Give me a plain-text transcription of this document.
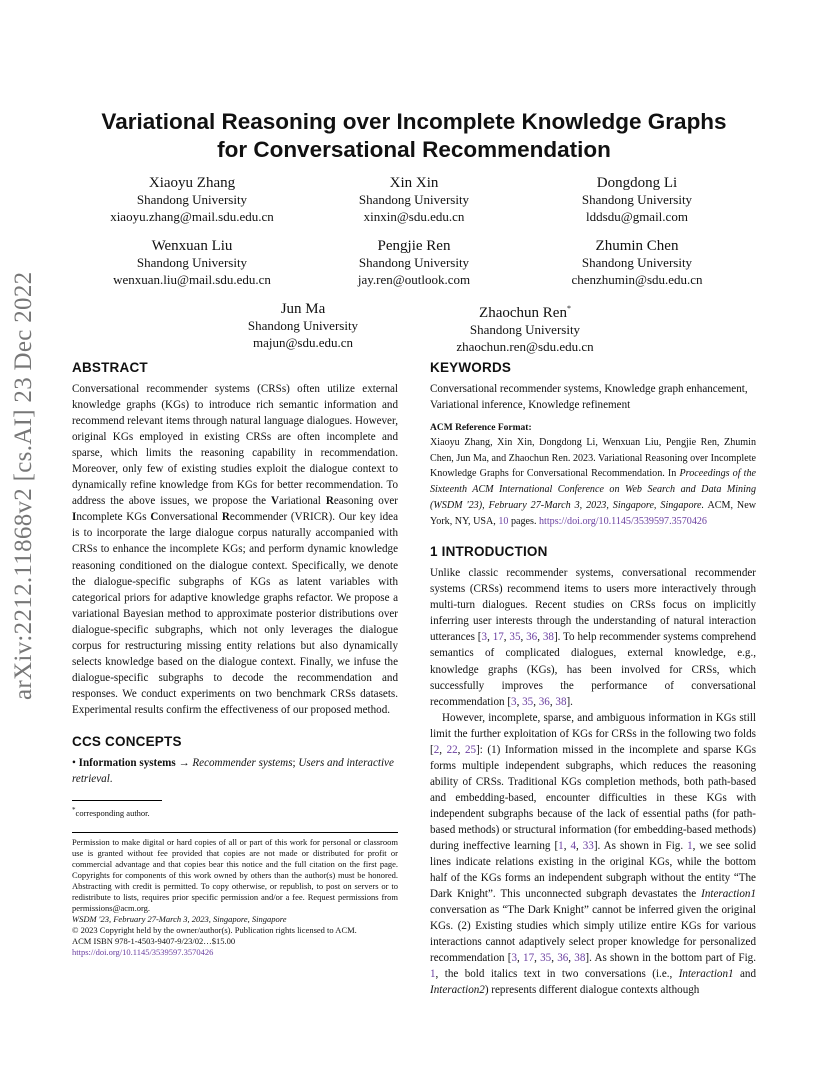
arXiv:2212.11868v2 [cs.AI] 23 Dec 2022
Variational Reasoning over Incomplete Knowledge Graphs
for Conversational Recommendation
Xiaoyu Zhang
Shandong University
xiaoyu.zhang@mail.sdu.edu.cn
Xin Xin
Shandong University
xinxin@sdu.edu.cn
Dongdong Li
Shandong University
lddsdu@gmail.com
Wenxuan Liu
Shandong University
wenxuan.liu@mail.sdu.edu.cn
Pengjie Ren
Shandong University
jay.ren@outlook.com
Zhumin Chen
Shandong University
chenzhumin@sdu.edu.cn
Jun Ma
Shandong University
majun@sdu.edu.cn
Zhaochun Ren*
Shandong University
zhaochun.ren@sdu.edu.cn
ABSTRACT

Conversational recommender systems (CRSs) often utilize external knowledge graphs (KGs) to introduce rich semantic information and recommend relevant items through natural language dialogues. However, original KGs employed in existing CRSs are often incomplete and sparse, which limits the reasoning capability in recommendation. Moreover, only few of existing studies exploit the dialogue context to dynamically refine knowledge from KGs for better recommendation. To address the above issues, we propose the Variational Reasoning over Incomplete KGs Conversational Recommender (VRICR). Our key idea is to incorporate the large dialogue corpus naturally accompanied with CRSs to enhance the incomplete KGs; and perform dynamic knowledge reasoning conditioned on the dialogue context. Specifically, we denote the dialogue-specific subgraphs of KGs as latent variables with categorical priors for adaptive knowledge graphs refactor. We propose a variational Bayesian method to approximate posterior distributions over dialogue-specific subgraphs, which not only leverages the dialogue corpus for restructuring missing entity relations but also dynamically selects knowledge based on the dialogue context. Finally, we infuse the dialogue-specific subgraphs to decode the recommendation and responses. We conduct experiments on two benchmark CRSs datasets. Experimental results confirm the effectiveness of our proposed method.

CCS CONCEPTS

• Information systems → Recommender systems; Users and interactive retrieval.

*corresponding author.
Permission to make digital or hard copies of all or part of this work for personal or classroom use is granted without fee provided that copies are not made or distributed for profit or commercial advantage and that copies bear this notice and the full citation on the first page. Copyrights for components of this work owned by others than the author(s) must be honored. Abstracting with credit is permitted. To copy otherwise, or republish, to post on servers or to redistribute to lists, requires prior specific permission and/or a fee. Request permissions from permissions@acm.org.
WSDM '23, February 27-March 3, 2023, Singapore, Singapore
© 2023 Copyright held by the owner/author(s). Publication rights licensed to ACM.
ACM ISBN 978-1-4503-9407-9/23/02…$15.00
https://doi.org/10.1145/3539597.3570426
KEYWORDS

Conversational recommender systems, Knowledge graph enhancement, Variational inference, Knowledge refinement

ACM Reference Format:

Xiaoyu Zhang, Xin Xin, Dongdong Li, Wenxuan Liu, Pengjie Ren, Zhumin Chen, Jun Ma, and Zhaochun Ren. 2023. Variational Reasoning over Incomplete Knowledge Graphs for Conversational Recommendation. In Proceedings of the Sixteenth ACM International Conference on Web Search and Data Mining (WSDM '23), February 27-March 3, 2023, Singapore, Singapore. ACM, New York, NY, USA, 10 pages. https://doi.org/10.1145/3539597.3570426

1 INTRODUCTION

Unlike classic recommender systems, conversational recommender systems (CRSs) recommend items to users more interactively through multi-turn dialogues. Recent studies on CRSs focus on implicitly inferring user interests through the understanding of natural interaction utterances [3, 17, 35, 36, 38]. To help recommender systems comprehend semantics of complicated dialogues, external knowledge, e.g., knowledge graphs (KGs), has been involved for CRSs, which successfully improves the performance of conversational recommendation [3, 35, 36, 38].

However, incomplete, sparse, and ambiguous information in KGs still limit the further exploitation of KGs for CRSs in the following two folds [2, 22, 25]: (1) Information missed in the incomplete and sparse KGs forms multiple independent subgraphs, which reduces the reasoning ability of CRSs. Traditional KGs completion methods, both path-based and embedding-based, encounter difficulties in these KGs with independent subgraphs because of the lack of essential paths (for path-based methods) or structural information (for embedding-based methods) during ineffective learning [1, 4, 33]. As shown in Fig. 1, we see solid lines indicate relations existing in the original KGs, while the bottom half of the KGs forms an independent subgraph without the entity “The Dark Knight”. This unconnected subgraph devastates the Interaction1 conversation as “The Dark Knight” cannot be inferred given the original KGs. (2) Existing studies which simply utilize entire KGs for various interactions cannot adaptively select proper knowledge for personalized recommendation [3, 17, 35, 36, 38]. As shown in the bottom part of Fig. 1, the bold italics text in two conversations (i.e., Interaction1 and Interaction2) represents different dialogue contexts although
